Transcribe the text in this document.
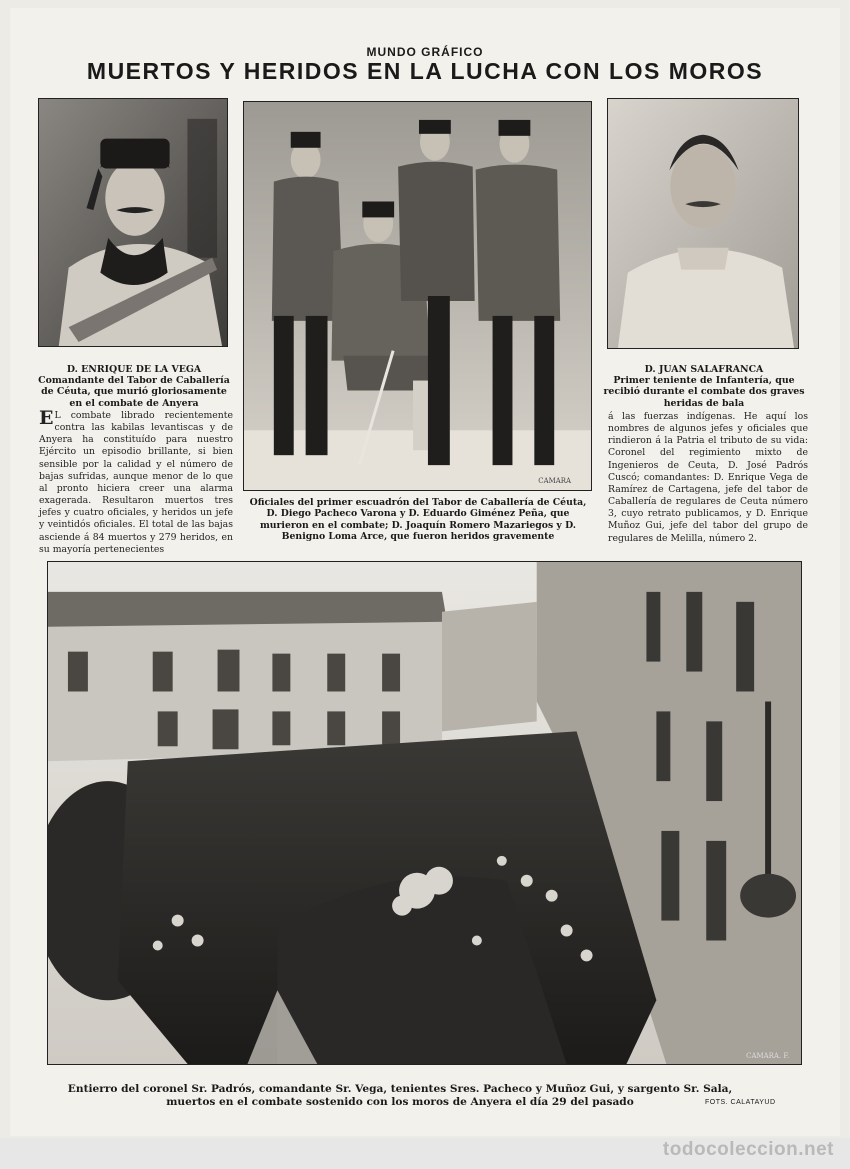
MUNDO GRÁFICO
MUERTOS Y HERIDOS EN LA LUCHA CON LOS MOROS
D. ENRIQUE DE LA VEGA
Comandante del Tabor de Caballería de Céuta, que murió gloriosamente en el combate de Anyera
CAMARA
Oficiales del primer escuadrón del Tabor de Caballería de Céuta, D. Diego Pacheco Varona y D. Eduardo Giménez Peña, que murieron en el combate; D. Joaquín Romero Mazariegos y D. Benigno Loma Arce, que fueron heridos gravemente
D. JUAN SALAFRANCA
Primer teniente de Infantería, que recibió durante el combate dos graves heridas de bala
E L combate librado recientemente contra las kabilas levantiscas y de Anyera ha constituído para nuestro Ejército un episodio brillante, si bien sensible por la calidad y el número de bajas sufridas, aunque menor de lo que al pronto hiciera creer una alarma exagerada. Resultaron muertos tres jefes y cuatro oficiales, y heridos un jefe y veintidós oficiales. El total de las bajas asciende á 84 muertos y 279 heridos, en su mayoría pertenecientes
á las fuerzas indígenas. He aquí los nombres de algunos jefes y oficiales que rindieron á la Patria el tributo de su vida: Coronel del regimiento mixto de Ingenieros de Ceuta, D. José Padrós Cuscó; comandantes: D. Enrique Vega de Ramírez de Cartagena, jefe del tabor de Caballería de regulares de Ceuta número 3, cuyo retrato publicamos, y D. Enrique Muñoz Gui, jefe del tabor del grupo de regulares de Melilla, número 2.
CAMARA. F.
Entierro del coronel Sr. Padrós, comandante Sr. Vega, tenientes Sres. Pacheco y Muñoz Gui, y sargento Sr. Sala, muertos en el combate sostenido con los moros de Anyera el día 29 del pasado	FOTS. CALATAYUD
todocoleccion.net
